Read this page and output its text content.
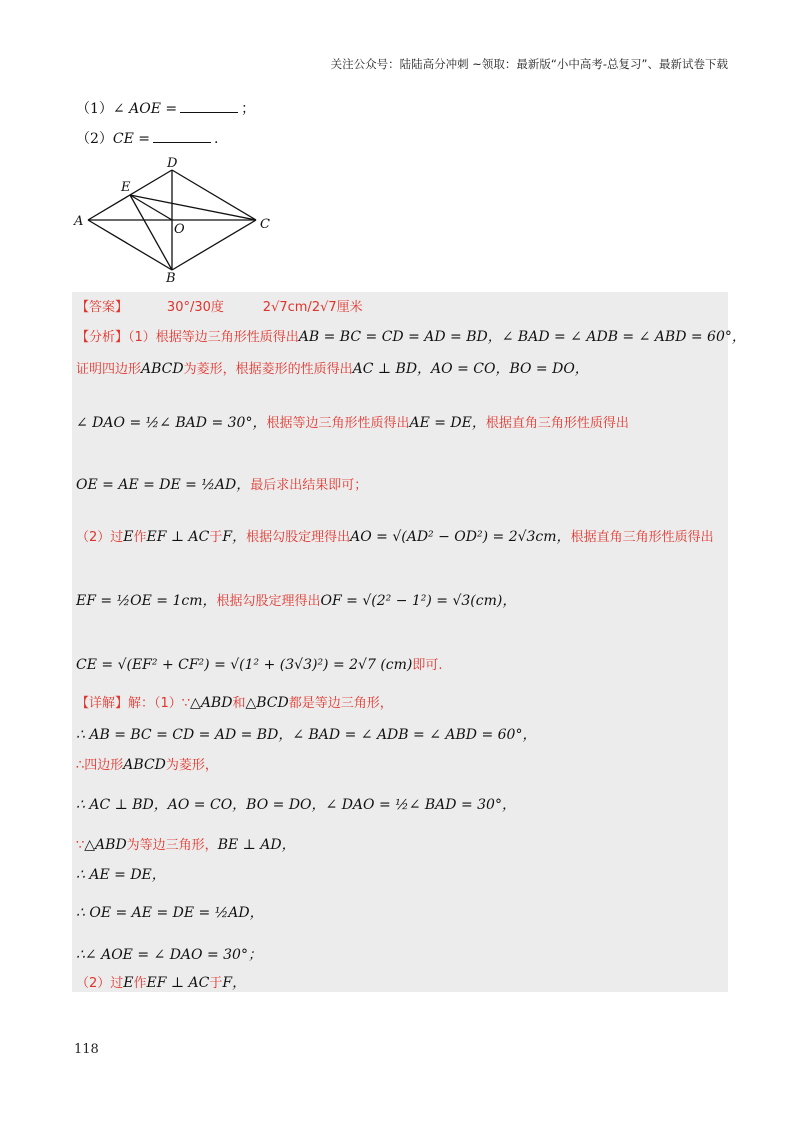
关注公众号：陆陆高分冲刺 ~领取：最新版“小中高考-总复习”、最新试卷下载
（1）∠ AOE =	；
（2）CE =	.
A
B
C
D
E
O
【答案】	30°/30度	2√7cm/2√7厘米
【分析】（1）根据等边三角形性质得出AB = BC = CD = AD = BD，∠ BAD = ∠ ADB = ∠ ABD = 60°，
证明四边形ABCD为菱形，根据菱形的性质得出AC ⊥ BD，AO = CO，BO = DO，
∠ DAO = ½∠ BAD = 30°，根据等边三角形性质得出AE = DE，根据直角三角形性质得出
OE = AE = DE = ½AD，最后求出结果即可；
（2）过E作EF ⊥ AC于F，根据勾股定理得出AO = √(AD² − OD²) = 2√3cm，根据直角三角形性质得出
EF = ½OE = 1cm，根据勾股定理得出OF = √(2² − 1²) = √3(cm)，
CE = √(EF² + CF²) = √(1² + (3√3)²) = 2√7 (cm)即可.
【详解】解：（1）∵△ABD和△BCD都是等边三角形，
∴ AB = BC = CD = AD = BD，∠ BAD = ∠ ADB = ∠ ABD = 60°，
∴四边形ABCD为菱形，
∴ AC ⊥ BD，AO = CO，BO = DO，∠ DAO = ½∠ BAD = 30°，
∵△ABD为等边三角形，BE ⊥ AD，
∴ AE = DE，
∴ OE = AE = DE = ½AD，
∴∠ AOE = ∠ DAO = 30°；
（2）过E作EF ⊥ AC于F，
118
